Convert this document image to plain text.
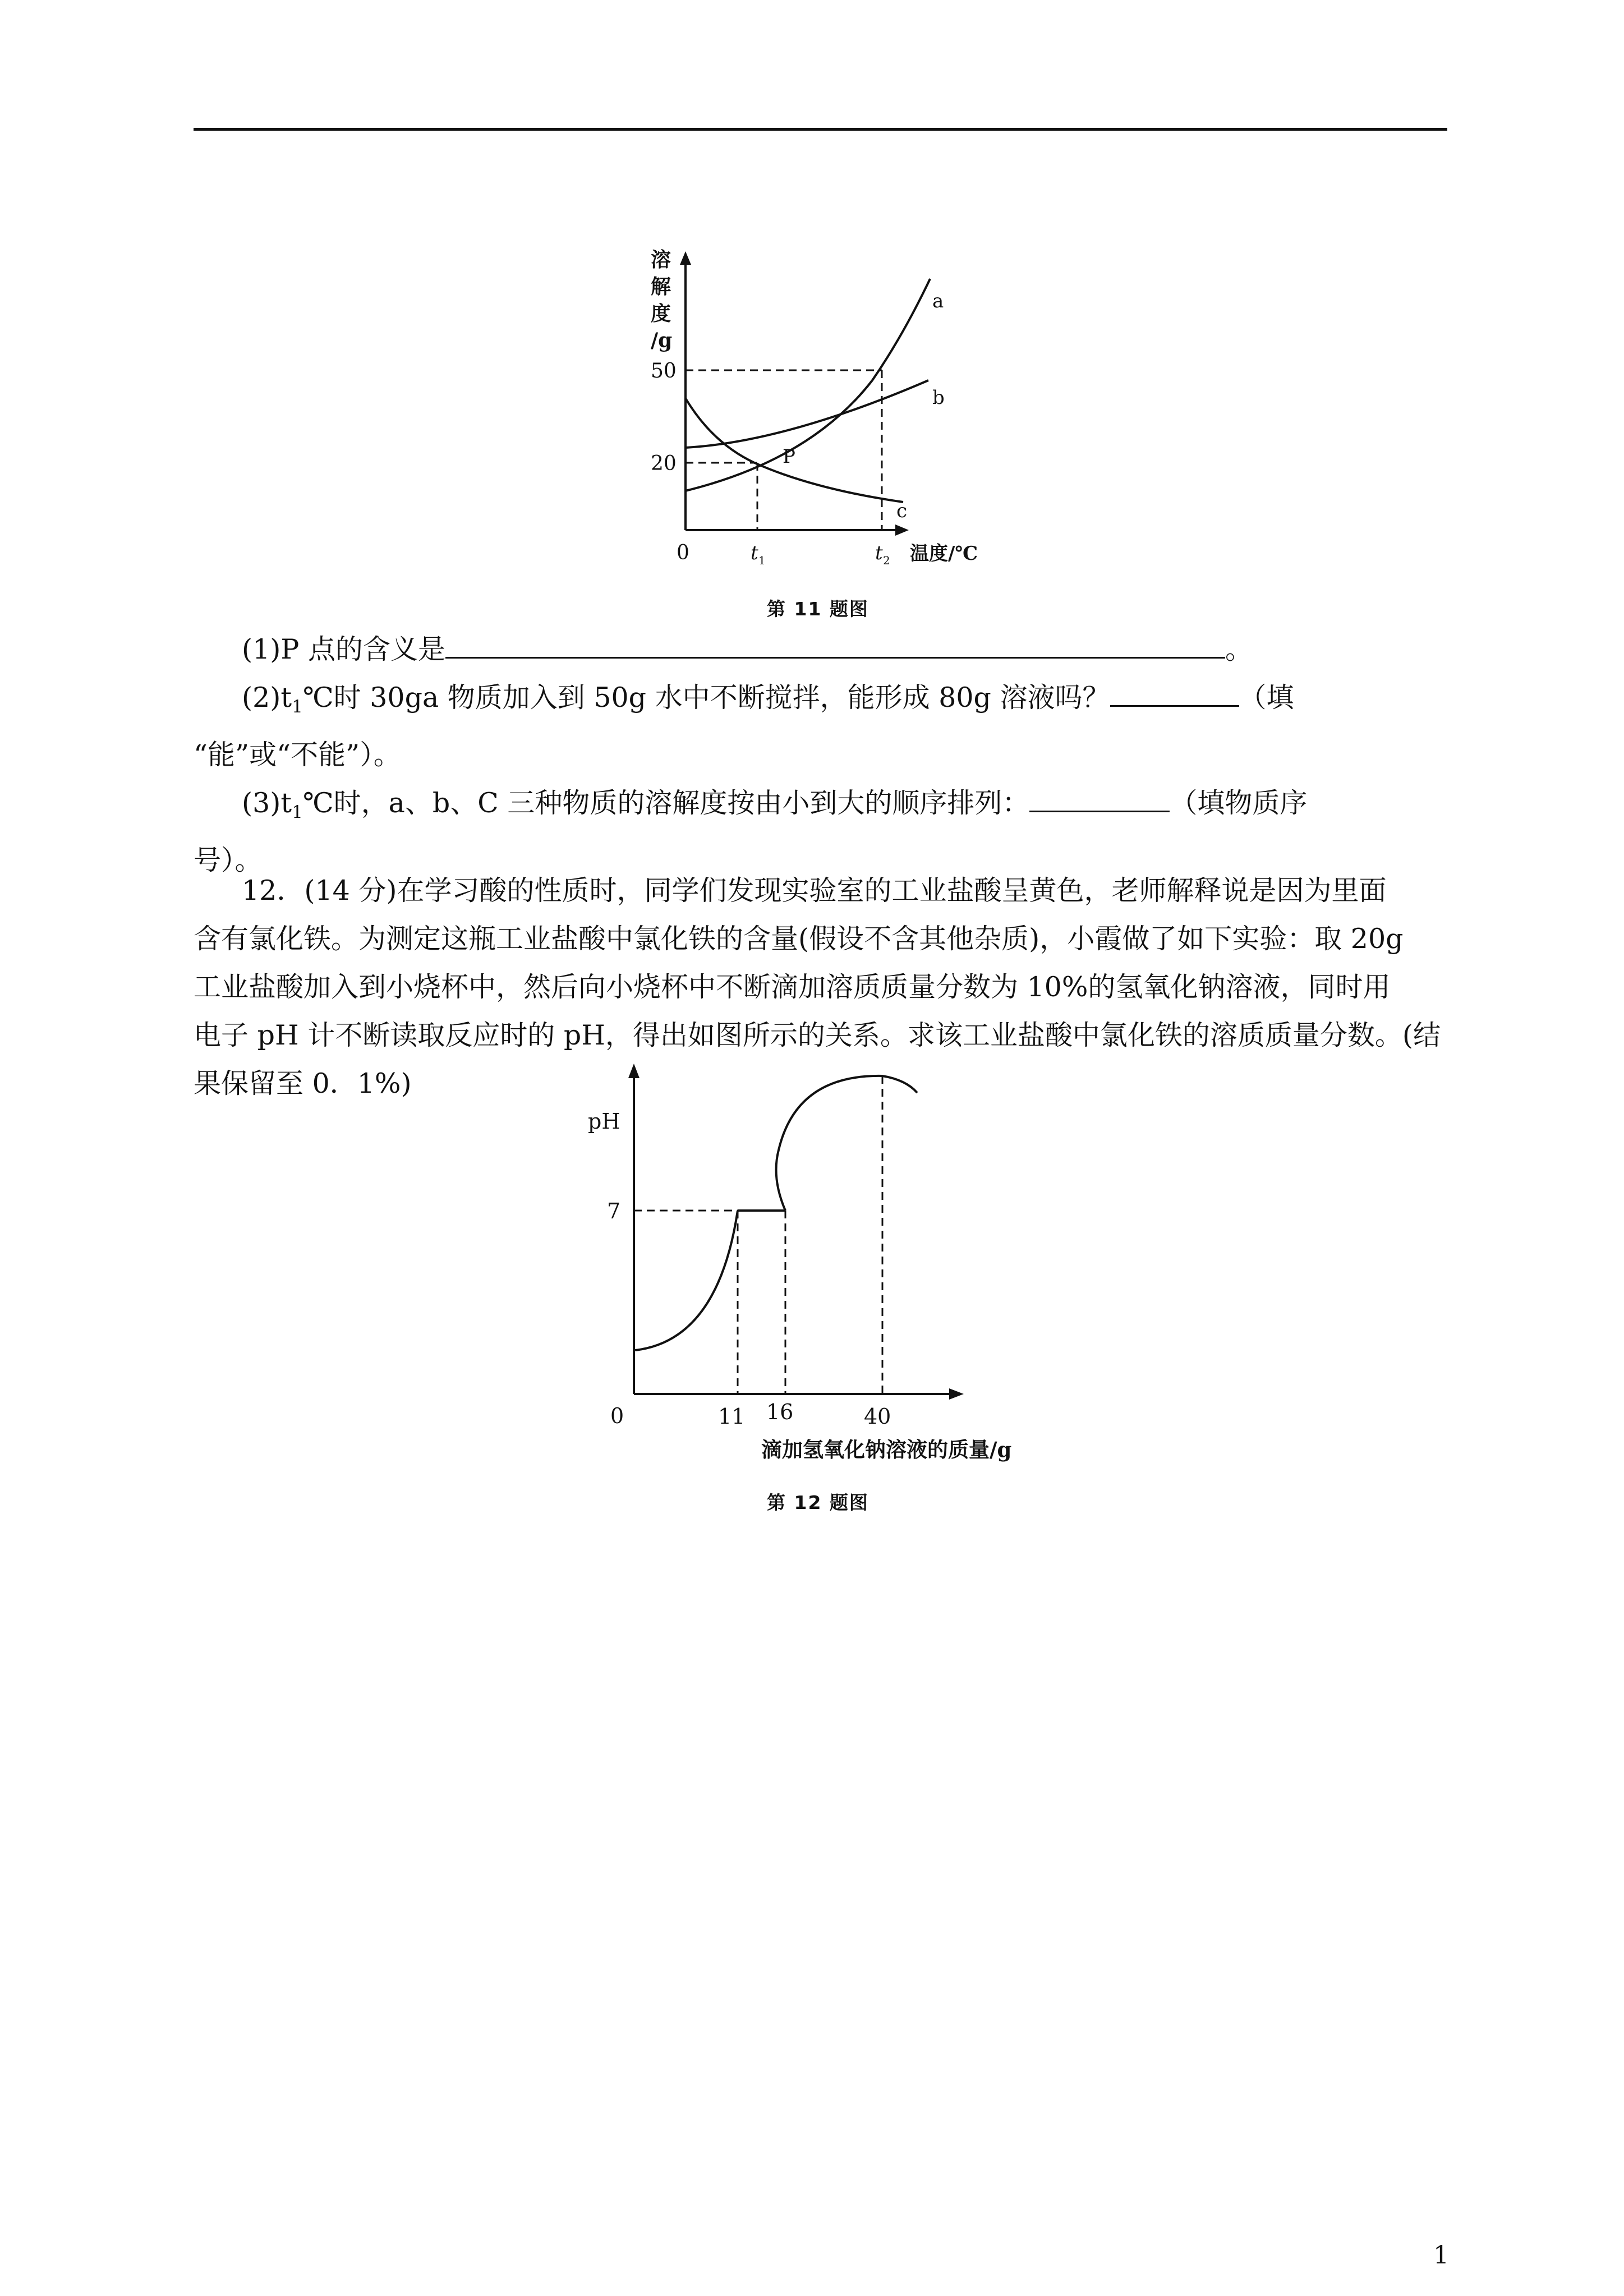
溶
解
度
/g
50
20
0	t 1	t 2 温度/℃
a
b
c
P
第 11 题图
(1)P 点的含义是	。
$(2)t_1℃$时 30ga 物质加入到 50g 水中不断搅拌，能形成 80g 溶液吗？	（填
“能”或“不能”）。
$(3)t_1℃$时，a、b、C 三种物质的溶解度按由小到大的顺序排列：	（填物质序
号）。
12．(14 分)在学习酸的性质时，同学们发现实验室的工业盐酸呈黄色，老师解释说是因为里面
含有氯化铁。为测定这瓶工业盐酸中氯化铁的含量(假设不含其他杂质)，小霞做了如下实验：取 20g
工业盐酸加入到小烧杯中，然后向小烧杯中不断滴加溶质质量分数为 10%的氢氧化钠溶液，同时用
电子 pH 计不断读取反应时的 pH，得出如图所示的关系。求该工业盐酸中氯化铁的溶质质量分数。(结
果保留至 0．1%)
pH
7
0	11 16	40
滴加氢氧化钠溶液的质量/g
第 12 题图
1
